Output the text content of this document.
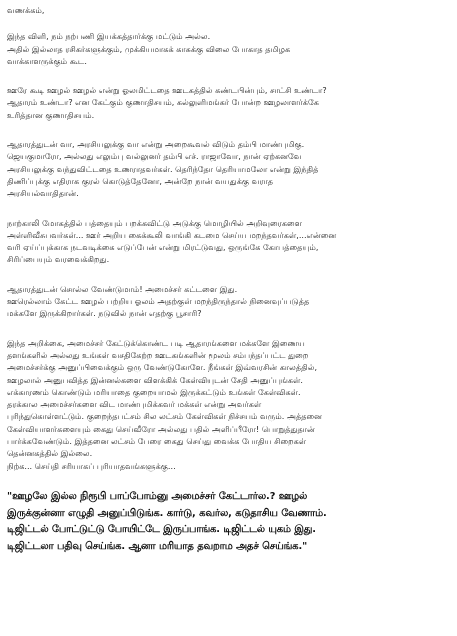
வணக்கம்,

இந்த விளி, நம் நற்பணி இயக்கத்தார்க்கு மட்டும் அல்ல.

அதில் இல்லாத ரசிகர்களுக்கும், முக்கியமாகக் காசுக்கு விலை போகாத தமிழக

வாக்காளருக்கும் கூட.

ஊரே கூடி ஊழல் ஊழல் என்று ஓலமிட்டதை ஊடகத்தில் கண்டபின்பும், சாட்சி உண்டா?

ஆதாரம் உண்டா? என கேட்கும் குணாதிசயம், கல்லுளிமங்கர் போன்ற ஊழலாளர்க்கே

உரித்தான குணாதிசயம்.

ஆதாரத்துடன் வா, அரசியலுக்கு வா என்று அறைகூவல் விடும் தம்பி மாண்புமிகு.

ஜெயகுமாரோ, அல்லது எலும்பு வல்லுனர் தம்பி எச். ராஜாவோ, நான் ஏற்கனவே

அரசியலுக்கு வந்துவிட்டதை உணராதவர்கள். தெரிந்தோ தெரியாமலோ என்று இந்தித்

திணிப்புக்கு எதிராக குரல் கொடுத்தேனோ, அன்றே நான் வயதுக்கு வராத

அரசியல்வாதிதான்.

நாற்காலி மோகத்தில் பத்தையும் பறக்கவிட்டு அடுக்கு மொழியில் அறிவுரைகளை

அள்ளிவீசுபவர்கள்... ஊர் அறிய கைக்கூலி வாங்கி கடமை செய்ய மறந்தவர்கள்,...என்னை

வரி ஏய்ப்புக்காக நடவடிக்கை எடுப்பேன் என்று மிரட்டுவது, ஒருங்கே கோபத்தையும்,

சிரிப்பையும் வரவைக்கிறது.

ஆதாரத்துடன் சொல்ல வேண்டுமாம்! அமைச்சர் கட்டளை இது.

ஊரெல்லாம் கேட்ட ஊழல் பற்றிய ஓலம் அதற்குள் மறந்திருந்தால் நினைவுப்படுத்த

மக்களே இருக்கிறார்கள். நடுவில் நான் எதற்கு பூசாரி?

இந்த அறிக்கை, அமைச்சர் கேட்டுக்கொண்ட படி ஆதாரங்களை மக்களே இணைய

தளங்களில் அல்லது உங்கள் வசதிகேற்ற ஊடகங்களின் மூலம் சம்பந்தப்பட்ட துறை

அமைச்சர்க்கு அனுப்பிவைக்கும் ஒரு வேண்டுகோளே. நீங்கள் இவ்வரசின் காலத்தில்,

ஊழலால் அனுபவித்த இன்னல்களை விளக்கிக் கேள்வியுடன் சேதி அனுப்புங்கள்.

எக்காரணம் கொண்டும் மரியாதை குறையாமல் இருக்கட்டும் உங்கள் கேள்விகள்.

தரக்கால அமைச்சர்களை விட மாண்புமிக்கவர் மக்கள் என்று அவர்கள்

புரிந்துகொள்ளட்டும். குறைந்தபட்சம் சில லட்சம் கேள்விகள் நிச்சயம் வரும். அத்தனை

கேள்வியாளர்களையும் கைது செய்வீரோ அல்லது பதில் அளிப்பீரோ! பொறுத்துதான்

பார்க்கவேண்டும். இத்தனை லட்சம் பேரை கைது செய்து வைக்க போதிய சிறைகள்

தென்னகத்தில் இல்லை.

நிற்க... செய்தி சரியாகப் புரியாதவங்களுக்கு...

"ஊழலே இல்ல நிரூபி பாப்போம்னு அமைச்சர் கேட்டார்ல.? ஊழல்

இருக்குன்னா எழுதி அனுப்பிடுங்க. கார்டு, கவர்ல, கடுதாசிய வேணாம்.

டிஜிட்டல் போட்டுட்டு போயிட்டே இருப்பாங்க. டிஜிட்டல் யுகம் இது.

டிஜிட்டலா பதிவு செய்ங்க. ஆனா மரியாத தவறாம அதச் செய்ங்க."
